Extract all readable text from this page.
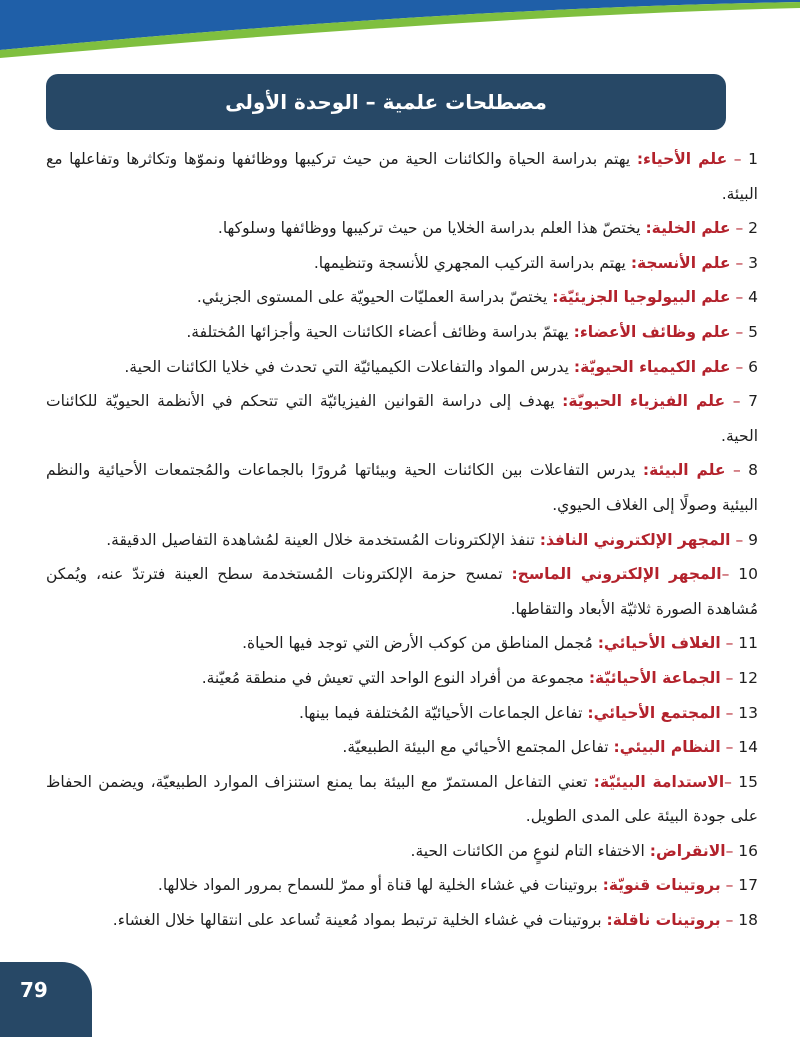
مصطلحات علمية – الوحدة الأولى
1 – علم الأحياء: يهتم بدراسة الحياة والكائنات الحية من حيث تركيبها ووظائفها ونموّها وتكاثرها وتفاعلها مع البيئة.
2 – علم الخلية: يختصّ هذا العلم بدراسة الخلايا من حيث تركيبها ووظائفها وسلوكها.
3 – علم الأنسجة: يهتم بدراسة التركيب المجهري للأنسجة وتنظيمها.
4 – علم البيولوجيا الجزيئيّة: يختصّ بدراسة العمليّات الحيويّة على المستوى الجزيئي.
5 – علم وظائف الأعضاء: يهتمّ بدراسة وظائف أعضاء الكائنات الحية وأجزائها المُختلفة.
6 – علم الكيمياء الحيويّة: يدرس المواد والتفاعلات الكيميائيّة التي تحدث في خلايا الكائنات الحية.
7 – علم الفيزياء الحيويّة: يهدف إلى دراسة القوانين الفيزيائيّة التي تتحكم في الأنظمة الحيويّة للكائنات الحية.
8 – علم البيئة: يدرس التفاعلات بين الكائنات الحية وبيئاتها مُرورًا بالجماعات والمُجتمعات الأحيائية والنظم البيئية وصولًا إلى الغلاف الحيوي.
9 – المجهر الإلكتروني النافذ: تنفذ الإلكترونات المُستخدمة خلال العينة لمُشاهدة التفاصيل الدقيقة.
10 –المجهر الإلكتروني الماسح: تمسح حزمة الإلكترونات المُستخدمة سطح العينة فترتدّ عنه، ويُمكن مُشاهدة الصورة ثلاثيّة الأبعاد والتقاطها.
11 – الغلاف الأحيائي: مُجمل المناطق من كوكب الأرض التي توجد فيها الحياة.
12 – الجماعة الأحيائيّة: مجموعة من أفراد النوع الواحد التي تعيش في منطقة مُعيّنة.
13 – المجتمع الأحيائي: تفاعل الجماعات الأحيائيّة المُختلفة فيما بينها.
14 – النظام البيئي: تفاعل المجتمع الأحيائي مع البيئة الطبيعيّة.
15 –الاستدامة البيئيّة: تعني التفاعل المستمرّ مع البيئة بما يمنع استنزاف الموارد الطبيعيّة، ويضمن الحفاظ على جودة البيئة على المدى الطويل.
16 –الانقراض: الاختفاء التام لنوعٍ من الكائنات الحية.
17 – بروتينات قنويّة: بروتينات في غشاء الخلية لها قناة أو ممرّ للسماح بمرور المواد خلالها.
18 – بروتينات ناقلة: بروتينات في غشاء الخلية ترتبط بمواد مُعينة تُساعد على انتقالها خلال الغشاء.
79
